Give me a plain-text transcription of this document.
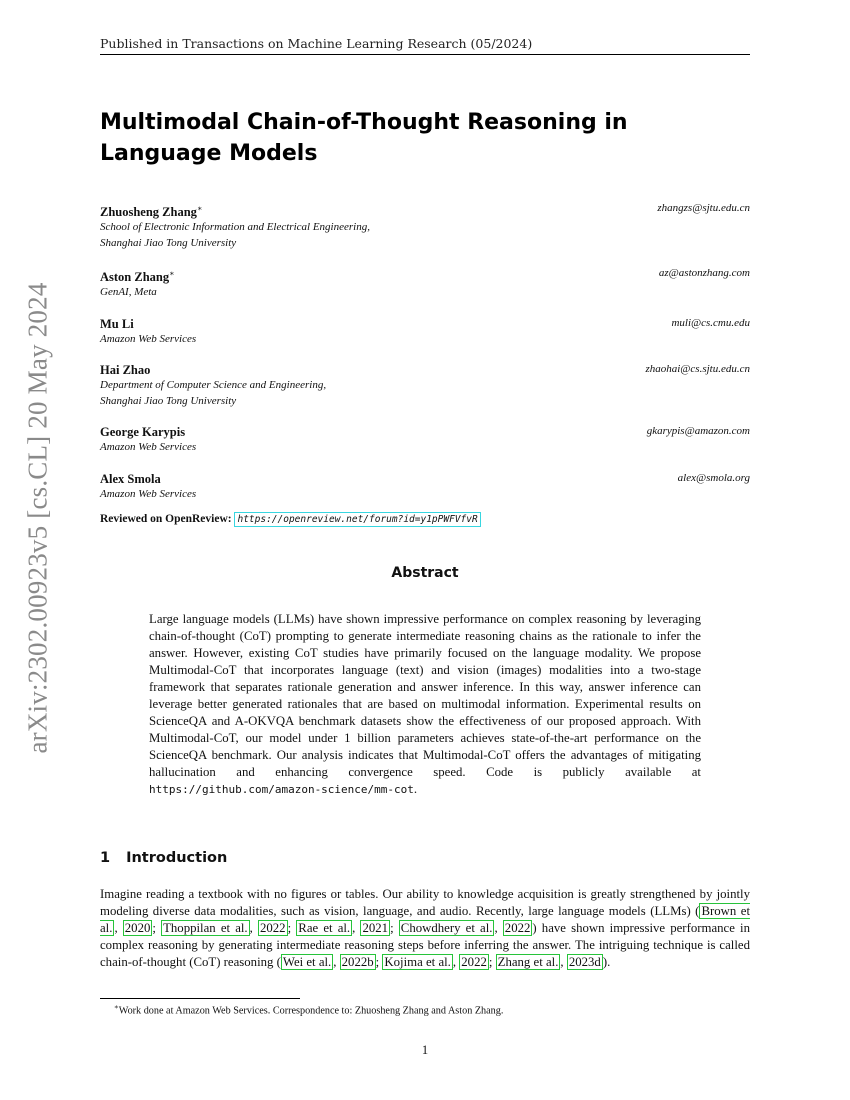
arXiv:2302.00923v5 [cs.CL] 20 May 2024
Published in Transactions on Machine Learning Research (05/2024)
Multimodal Chain-of-Thought Reasoning in
Language Models
Zhuosheng Zhang∗	zhangzs@sjtu.edu.cn
School of Electronic Information and Electrical Engineering,
Shanghai Jiao Tong University
Aston Zhang∗	az@astonzhang.com
GenAI, Meta
Mu Li	muli@cs.cmu.edu
Amazon Web Services
Hai Zhao	zhaohai@cs.sjtu.edu.cn
Department of Computer Science and Engineering,
Shanghai Jiao Tong University
George Karypis	gkarypis@amazon.com
Amazon Web Services
Alex Smola	alex@smola.org
Amazon Web Services
Reviewed on OpenReview: https://openreview.net/forum?id=y1pPWFVfvR
Abstract
Large language models (LLMs) have shown impressive performance on complex reasoning by leveraging chain-of-thought (CoT) prompting to generate intermediate reasoning chains as the rationale to infer the answer. However, existing CoT studies have primarily focused on the language modality. We propose Multimodal-CoT that incorporates language (text) and vision (images) modalities into a two-stage framework that separates rationale generation and answer inference. In this way, answer inference can leverage better generated rationales that are based on multimodal information. Experimental results on ScienceQA and A-OKVQA benchmark datasets show the effectiveness of our proposed approach. With Multimodal-CoT, our model under 1 billion parameters achieves state-of-the-art performance on the ScienceQA benchmark. Our analysis indicates that Multimodal-CoT offers the advantages of mitigating hallucination and enhancing convergence speed. Code is publicly available at https://github.com/amazon-science/mm-cot.
1 Introduction
Imagine reading a textbook with no figures or tables. Our ability to knowledge acquisition is greatly strengthened by jointly modeling diverse data modalities, such as vision, language, and audio. Recently, large language models (LLMs) ( Brown et al. , 2020 ; Thoppilan et al. , 2022 ; Rae et al. , 2021 ; Chowdhery et al. , 2022 ) have shown impressive performance in complex reasoning by generating intermediate reasoning steps before inferring the answer. The intriguing technique is called chain-of-thought (CoT) reasoning ( Wei et al. , 2022b ; Kojima et al. , 2022 ; Zhang et al. , 2023d ).
∗Work done at Amazon Web Services. Correspondence to: Zhuosheng Zhang and Aston Zhang.
1
